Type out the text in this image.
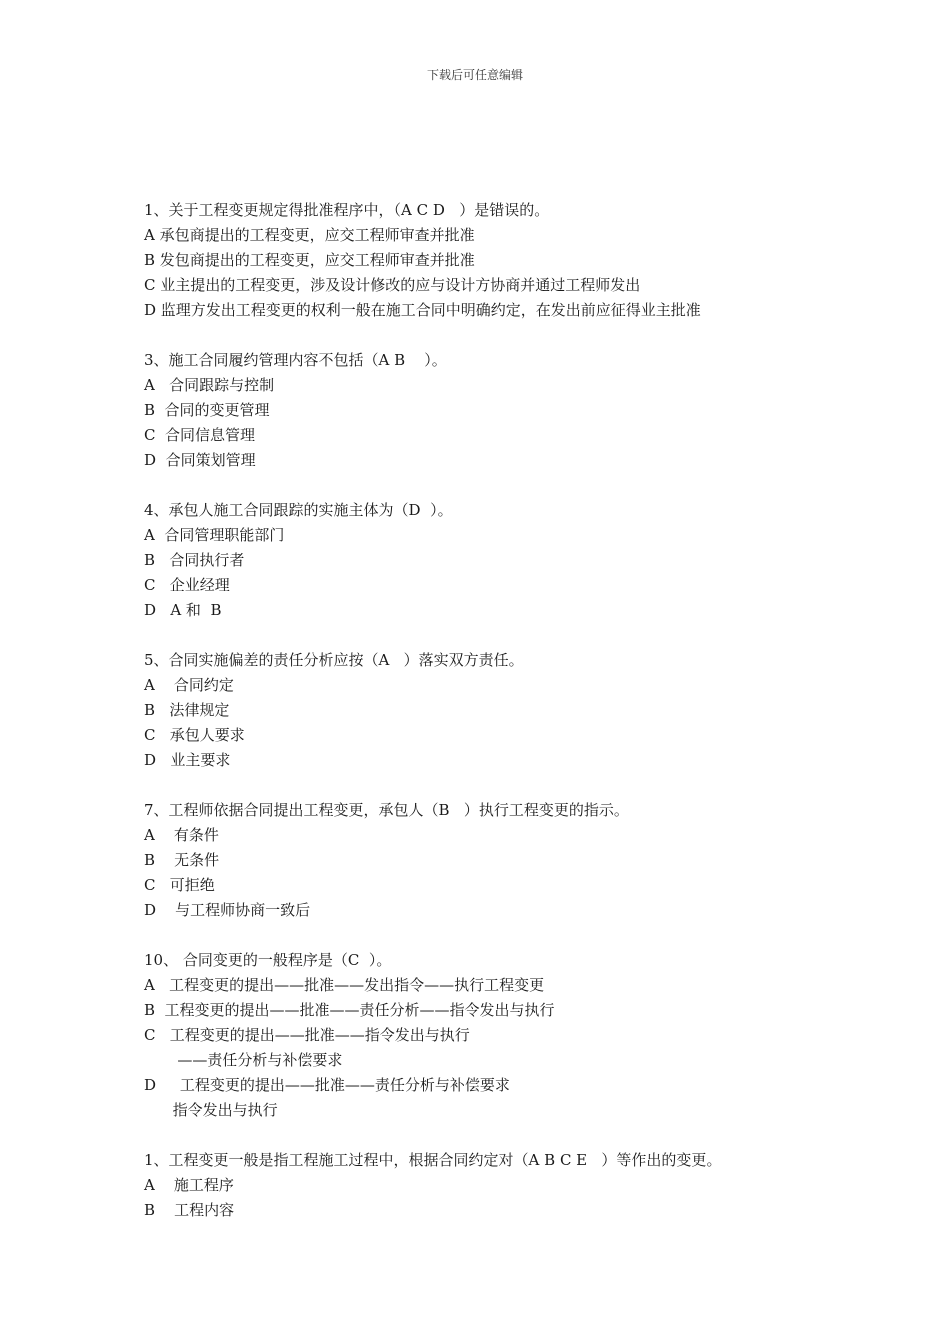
下载后可任意编辑
1、关于工程变更规定得批准程序中，（A C D   ）是错误的。
A 承包商提出的工程变更，应交工程师审查并批准
B 发包商提出的工程变更，应交工程师审查并批准
C 业主提出的工程变更，涉及设计修改的应与设计方协商并通过工程师发出
D 监理方发出工程变更的权利一般在施工合同中明确约定，在发出前应征得业主批准
3、施工合同履约管理内容不包括（A B    ）。
A   合同跟踪与控制
B  合同的变更管理
C  合同信息管理
D  合同策划管理
4、承包人施工合同跟踪的实施主体为（D  ）。
A  合同管理职能部门
B   合同执行者
C   企业经理
D   A 和  B
5、合同实施偏差的责任分析应按（A   ）落实双方责任。
A    合同约定
B   法律规定
C   承包人要求
D   业主要求
7、工程师依据合同提出工程变更，承包人（B   ）执行工程变更的指示。
A    有条件
B    无条件
C   可拒绝
D    与工程师协商一致后
10、 合同变更的一般程序是（C  ）。
A   工程变更的提出——批准——发出指令——执行工程变更
B  工程变更的提出——批准——责任分析——指令发出与执行
C   工程变更的提出——批准——指令发出与执行
——责任分析与补偿要求
D     工程变更的提出——批准——责任分析与补偿要求
指令发出与执行
1、工程变更一般是指工程施工过程中，根据合同约定对（A B C E   ）等作出的变更。
A    施工程序
B    工程内容
